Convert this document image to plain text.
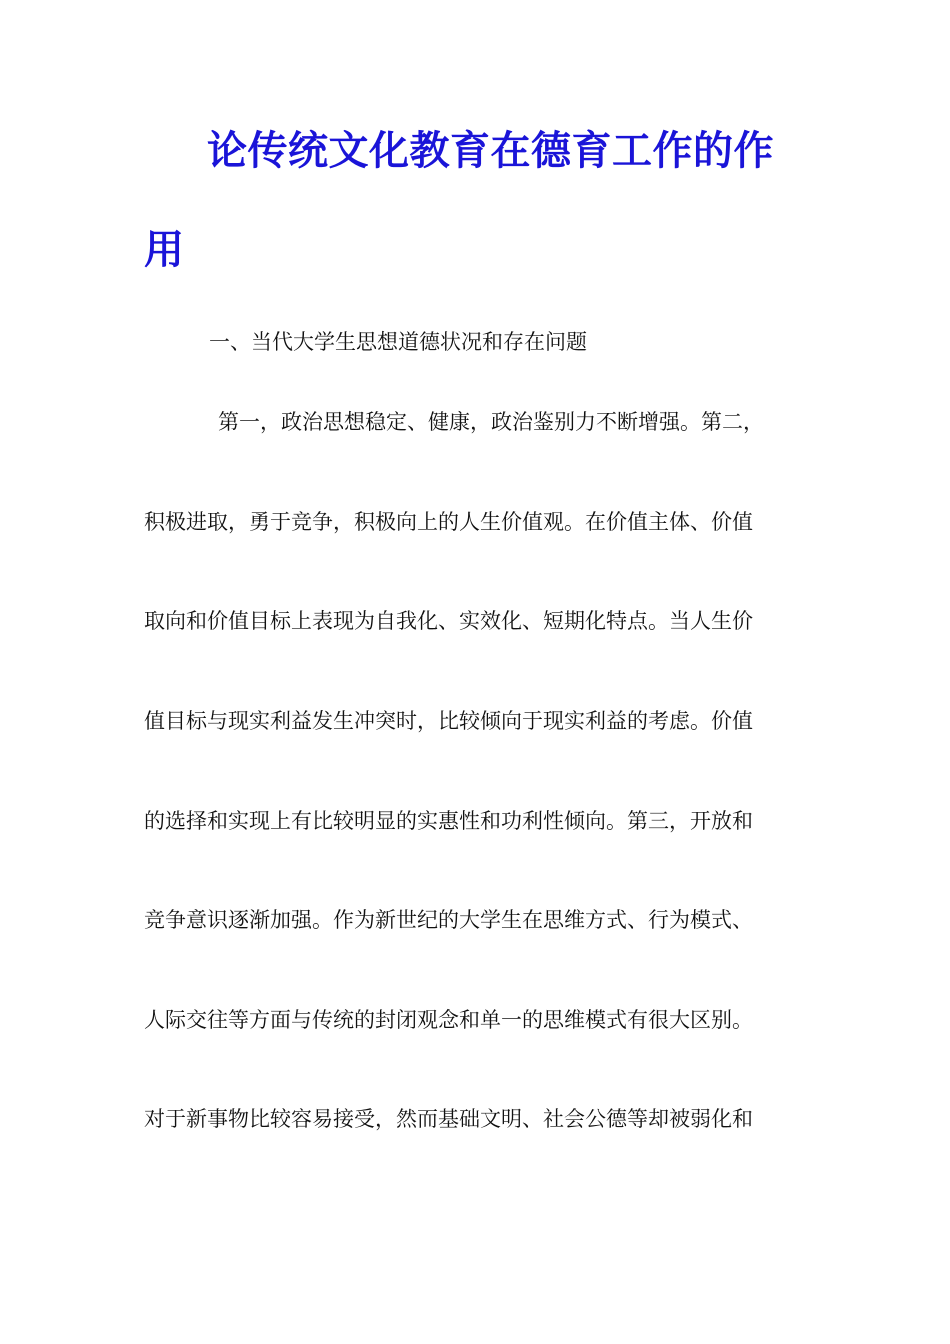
论传统文化教育在德育工作的作
用

一、当代大学生思想道德状况和存在问题

第一，政治思想稳定、健康，政治鉴别力不断增强。第二，

积极进取，勇于竞争，积极向上的人生价值观。在价值主体、价值

取向和价值目标上表现为自我化、实效化、短期化特点。当人生价

值目标与现实利益发生冲突时，比较倾向于现实利益的考虑。价值

的选择和实现上有比较明显的实惠性和功利性倾向。第三，开放和

竞争意识逐渐加强。作为新世纪的大学生在思维方式、行为模式、

人际交往等方面与传统的封闭观念和单一的思维模式有很大区别。

对于新事物比较容易接受，然而基础文明、社会公德等却被弱化和
